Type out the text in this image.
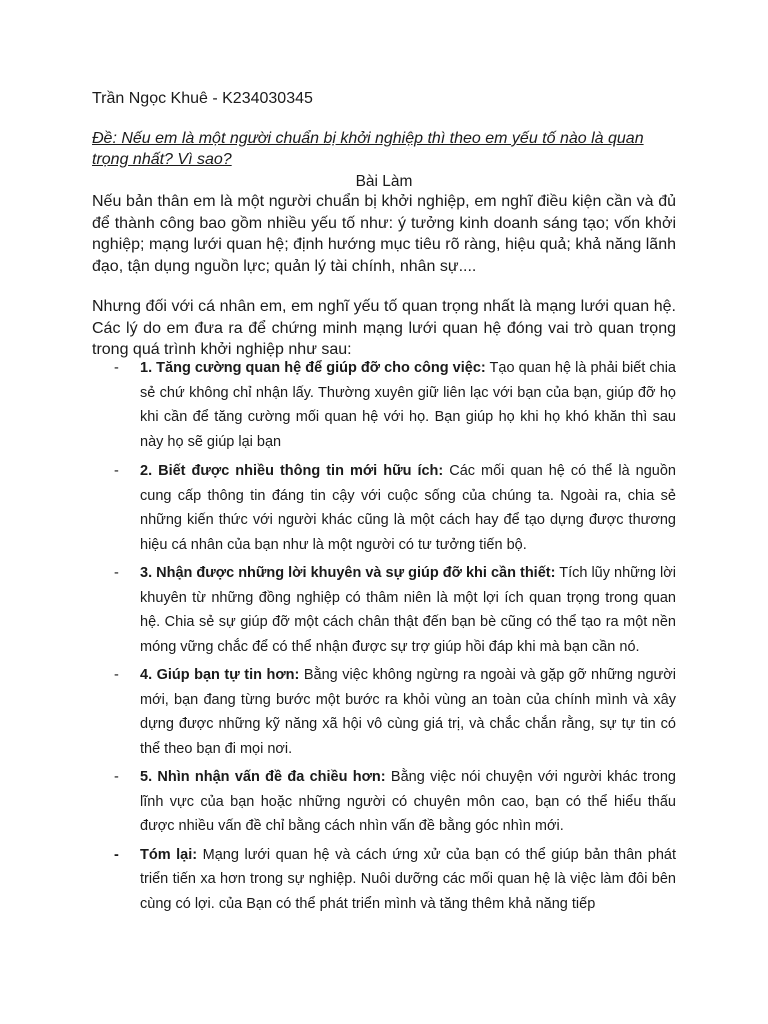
Trần Ngọc Khuê - K234030345
Đề: Nếu em là một người chuẩn bị khởi nghiệp thì theo em yếu tố nào là quan trọng nhất? Vì sao?
Bài Làm
Nếu bản thân em là một người chuẩn bị khởi nghiệp, em nghĩ điều kiện cần và đủ để thành công bao gồm nhiều yếu tố như: ý tưởng kinh doanh sáng tạo; vốn khởi nghiệp; mạng lưới quan hệ; định hướng mục tiêu rõ ràng, hiệu quả; khả năng lãnh đạo, tận dụng nguồn lực; quản lý tài chính, nhân sự....
Nhưng đối với cá nhân em, em nghĩ yếu tố quan trọng nhất là mạng lưới quan hệ. Các lý do em đưa ra để chứng minh mạng lưới quan hệ đóng vai trò quan trọng trong quá trình khởi nghiệp như sau:
- 1. Tăng cường quan hệ để giúp đỡ cho công việc: Tạo quan hệ là phải biết chia sẻ chứ không chỉ nhận lấy. Thường xuyên giữ liên lạc với bạn của bạn, giúp đỡ họ khi cần để tăng cường mối quan hệ với họ. Bạn giúp họ khi họ khó khăn thì sau này họ sẽ giúp lại bạn
- 2. Biết được nhiều thông tin mới hữu ích: Các mối quan hệ có thể là nguồn cung cấp thông tin đáng tin cậy với cuộc sống của chúng ta. Ngoài ra, chia sẻ những kiến thức với người khác cũng là một cách hay để tạo dựng được thương hiệu cá nhân của bạn như là một người có tư tưởng tiến bộ.
- 3. Nhận được những lời khuyên và sự giúp đỡ khi cần thiết: Tích lũy những lời khuyên từ những đồng nghiệp có thâm niên là một lợi ích quan trọng trong quan hệ. Chia sẻ sự giúp đỡ một cách chân thật đến bạn bè cũng có thể tạo ra một nền móng vững chắc để có thể nhận được sự trợ giúp hồi đáp khi mà bạn cần nó.
- 4. Giúp bạn tự tin hơn: Bằng việc không ngừng ra ngoài và gặp gỡ những người mới, bạn đang từng bước một bước ra khỏi vùng an toàn của chính mình và xây dựng được những kỹ năng xã hội vô cùng giá trị, và chắc chắn rằng, sự tự tin có thể theo bạn đi mọi nơi.
- 5. Nhìn nhận vấn đề đa chiều hơn: Bằng việc nói chuyện với người khác trong lĩnh vực của bạn hoặc những người có chuyên môn cao, bạn có thể hiểu thấu được nhiều vấn đề chỉ bằng cách nhìn vấn đề bằng góc nhìn mới.
- Tóm lại: Mạng lưới quan hệ và cách ứng xử của bạn có thể giúp bản thân phát triển tiến xa hơn trong sự nghiệp. Nuôi dưỡng các mối quan hệ là việc làm đôi bên cùng có lợi. của Bạn có thể phát triển mình và tăng thêm khả năng tiếp
